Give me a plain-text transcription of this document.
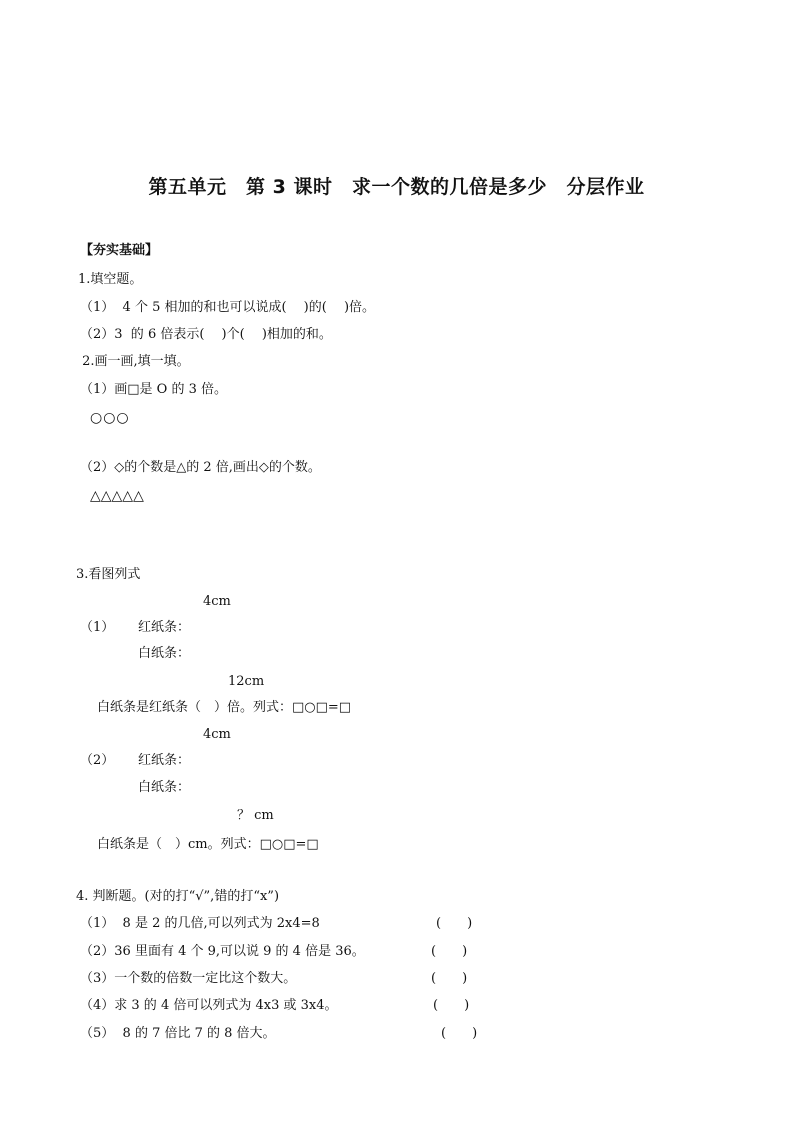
第五单元　第 3 课时　求一个数的几倍是多少　分层作业
【夯实基础】
1.填空题。
（1）  4 个 5 相加的和也可以说成(　 )的(　 )倍。
（2）3  的 6 倍表示(　 )个(　 )相加的和。
2.画一画,填一填。
（1）画□是 O 的 3 倍。
○○○
（2）◇的个数是△的 2 倍,画出◇的个数。
△△△△△
3.看图列式
4cm
（1） 红纸条：
白纸条：
12cm
白纸条是红纸条（　）倍。列式：□○□=□
4cm
（2） 红纸条：
白纸条：
？ cm
白纸条是（　）cm。列式：□○□=□
4. 判断题。(对的打“√”,错的打“x”)
（1）  8 是 2 的几倍,可以列式为 2x4=8	(　　)
（2）36 里面有 4 个 9,可以说 9 的 4 倍是 36。	(　　)
（3）一个数的倍数一定比这个数大。	(　　)
（4）求 3 的 4 倍可以列式为 4x3 或 3x4。	(　　)
（5）  8 的 7 倍比 7 的 8 倍大。	(　　)
